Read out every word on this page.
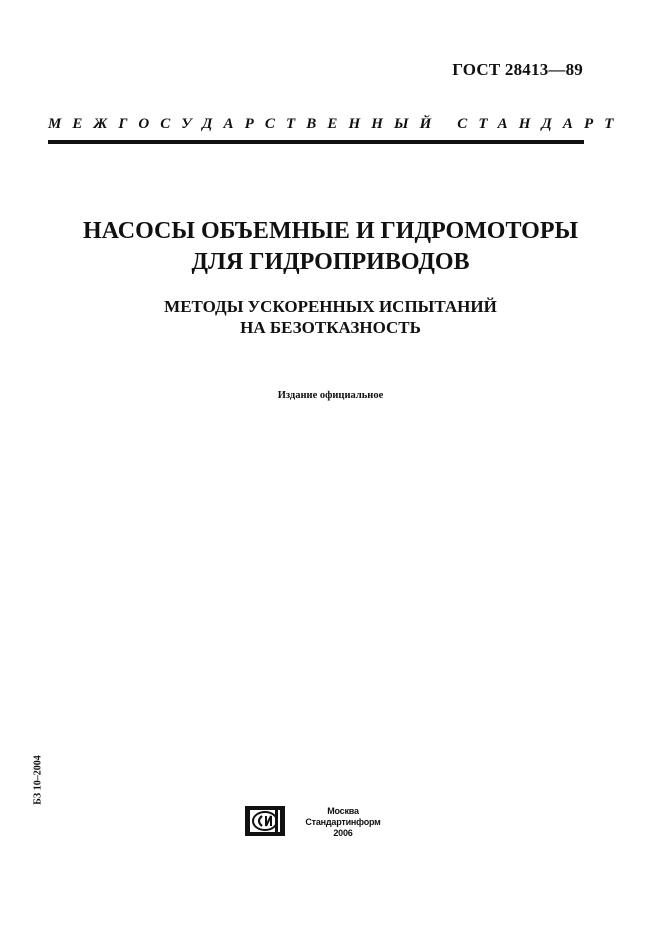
ГОСТ 28413—89
МЕЖГОСУДАРСТВЕННЫЙ СТАНДАРТ
НАСОСЫ ОБЪЕМНЫЕ И ГИДРОМОТОРЫ
ДЛЯ ГИДРОПРИВОДОВ
МЕТОДЫ УСКОРЕННЫХ ИСПЫТАНИЙ
НА БЕЗОТКАЗНОСТЬ
Издание официальное
БЗ 10–2004
Москва
Стандартинформ
2006
